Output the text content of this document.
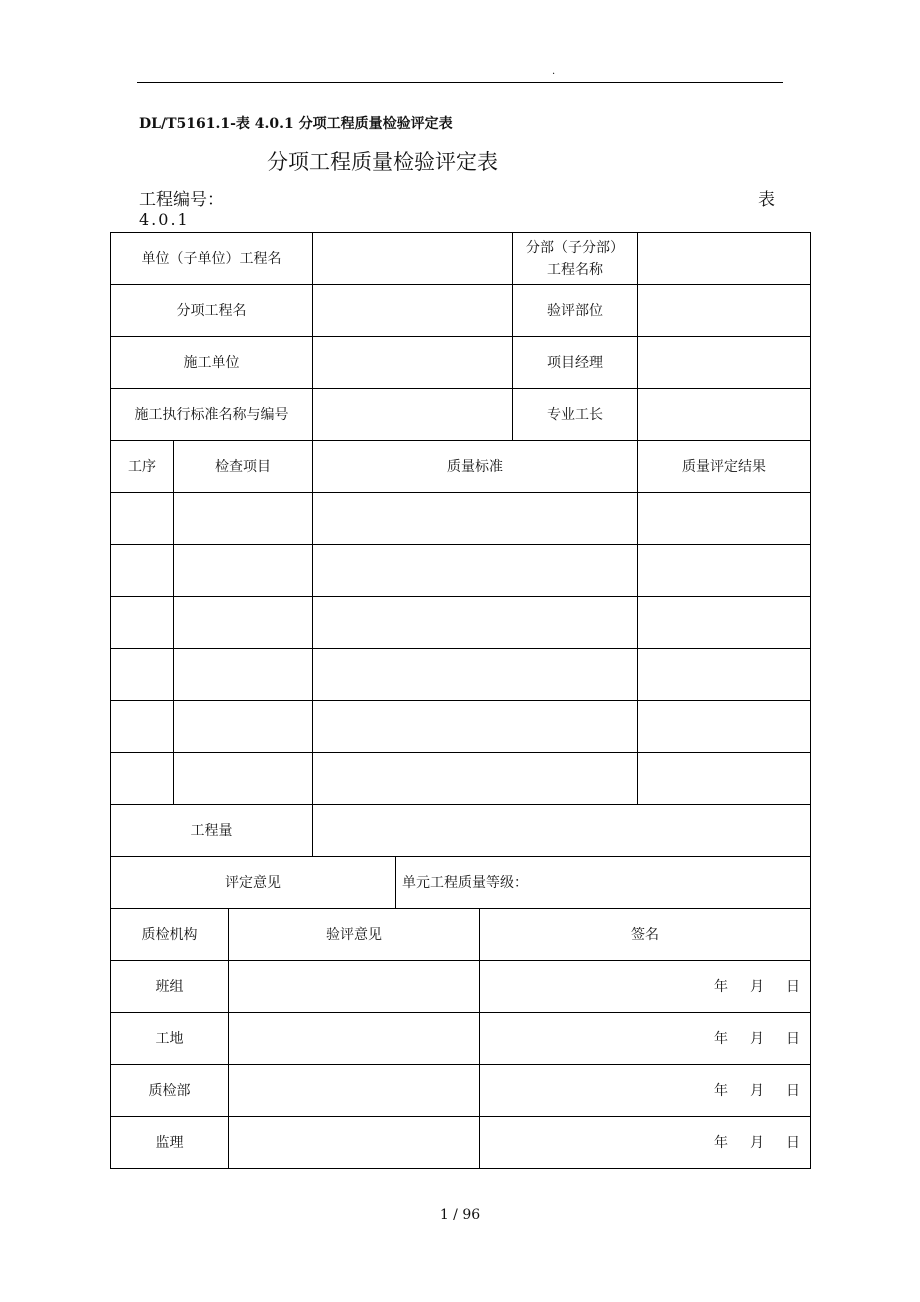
.
DL/T5161.1-表 4.0.1 分项工程质量检验评定表
分项工程质量检验评定表
工程编号：	表
4.0.1
单位（子单位）工程名						分部（子分部）
工程名称	
分项工程名						验评部位	
施工单位						项目经理	
施工执行标准名称与编号						专业工长	
工序	检查项目		质量标准				质量评定结果

工程量							
评定意见				单元工程质量等级：			
质检机构		验评意见			签名		
班组					年 月 日		

工地					年 月 日		

质检部					年 月 日		

监理					年 月 日		
1 / 96
